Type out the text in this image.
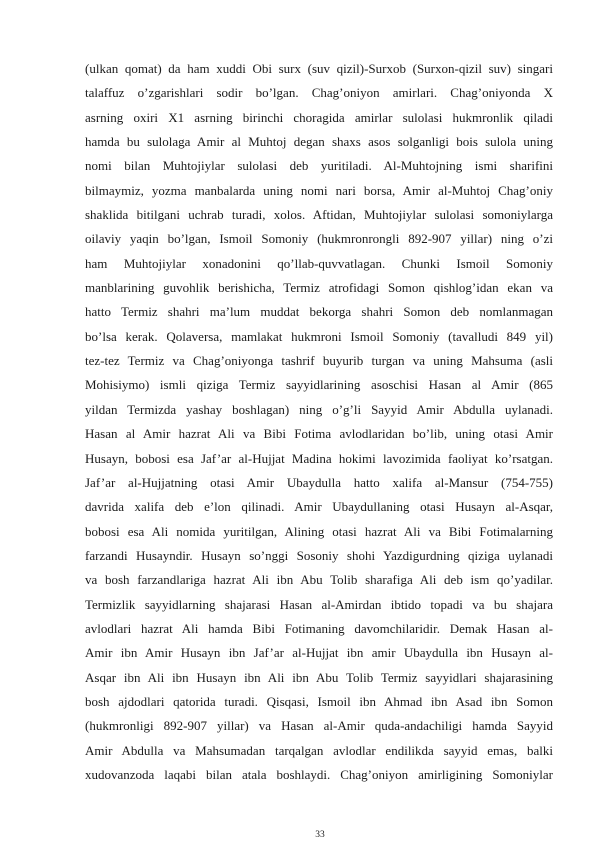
(ulkan qomat) da ham xuddi Obi surx (suv qizil)-Surxob (Surxon-qizil suv) singari
talaffuz o’zgarishlari sodir bo’lgan. Chag’oniyon amirlari. Chag’oniyonda X
asrning oxiri X1 asrning birinchi choragida amirlar sulolasi hukmronlik qiladi
hamda bu sulolaga Amir al Muhtoj degan shaxs asos solganligi bois sulola uning
nomi bilan Muhtojiylar sulolasi deb yuritiladi. Al-Muhtojning ismi sharifini
bilmaymiz, yozma manbalarda uning nomi nari borsa, Amir al-Muhtoj Chag’oniy
shaklida bitilgani uchrab turadi, xolos. Aftidan, Muhtojiylar sulolasi somoniylarga
oilaviy yaqin bo’lgan, Ismoil Somoniy (hukmronrongli 892-907 yillar) ning o’zi
ham Muhtojiylar xonadonini qo’llab-quvvatlagan. Chunki Ismoil Somoniy
manblarining guvohlik berishicha, Termiz atrofidagi Somon qishlog’idan ekan va
hatto Termiz shahri ma’lum muddat bekorga shahri Somon deb nomlanmagan
bo’lsa kerak. Qolaversa, mamlakat hukmroni Ismoil Somoniy (tavalludi 849 yil)
tez-tez Termiz va Chag’oniyonga tashrif buyurib turgan va uning Mahsuma (asli
Mohisiymo) ismli qiziga Termiz sayyidlarining asoschisi Hasan al Amir (865
yildan Termizda yashay boshlagan) ning o’g’li Sayyid Amir Abdulla uylanadi.
Hasan al Amir hazrat Ali va Bibi Fotima avlodlaridan bo’lib, uning otasi Amir
Husayn, bobosi esa Jaf’ar al-Hujjat Madina hokimi lavozimida faoliyat ko’rsatgan.
Jaf’ar al-Hujjatning otasi Amir Ubaydulla hatto xalifa al-Mansur (754-755)
davrida xalifa deb e’lon qilinadi. Amir Ubaydullaning otasi Husayn al-Asqar,
bobosi esa Ali nomida yuritilgan, Alining otasi hazrat Ali va Bibi Fotimalarning
farzandi Husayndir. Husayn so’nggi Sosoniy shohi Yazdigurdning qiziga uylanadi
va bosh farzandlariga hazrat Ali ibn Abu Tolib sharafiga Ali deb ism qo’yadilar.
Termizlik sayyidlarning shajarasi Hasan al-Amirdan ibtido topadi va bu shajara
avlodlari hazrat Ali hamda Bibi Fotimaning davomchilaridir. Demak Hasan al-
Amir ibn Amir Husayn ibn Jaf’ar al-Hujjat ibn amir Ubaydulla ibn Husayn al-
Asqar ibn Ali ibn Husayn ibn Ali ibn Abu Tolib Termiz sayyidlari shajarasining
bosh ajdodlari qatorida turadi. Qisqasi, Ismoil ibn Ahmad ibn Asad ibn Somon
(hukmronligi 892-907 yillar) va Hasan al-Amir quda-andachiligi hamda Sayyid
Amir Abdulla va Mahsumadan tarqalgan avlodlar endilikda sayyid emas, balki
xudovanzoda laqabi bilan atala boshlaydi. Chag’oniyon amirligining Somoniylar
33
